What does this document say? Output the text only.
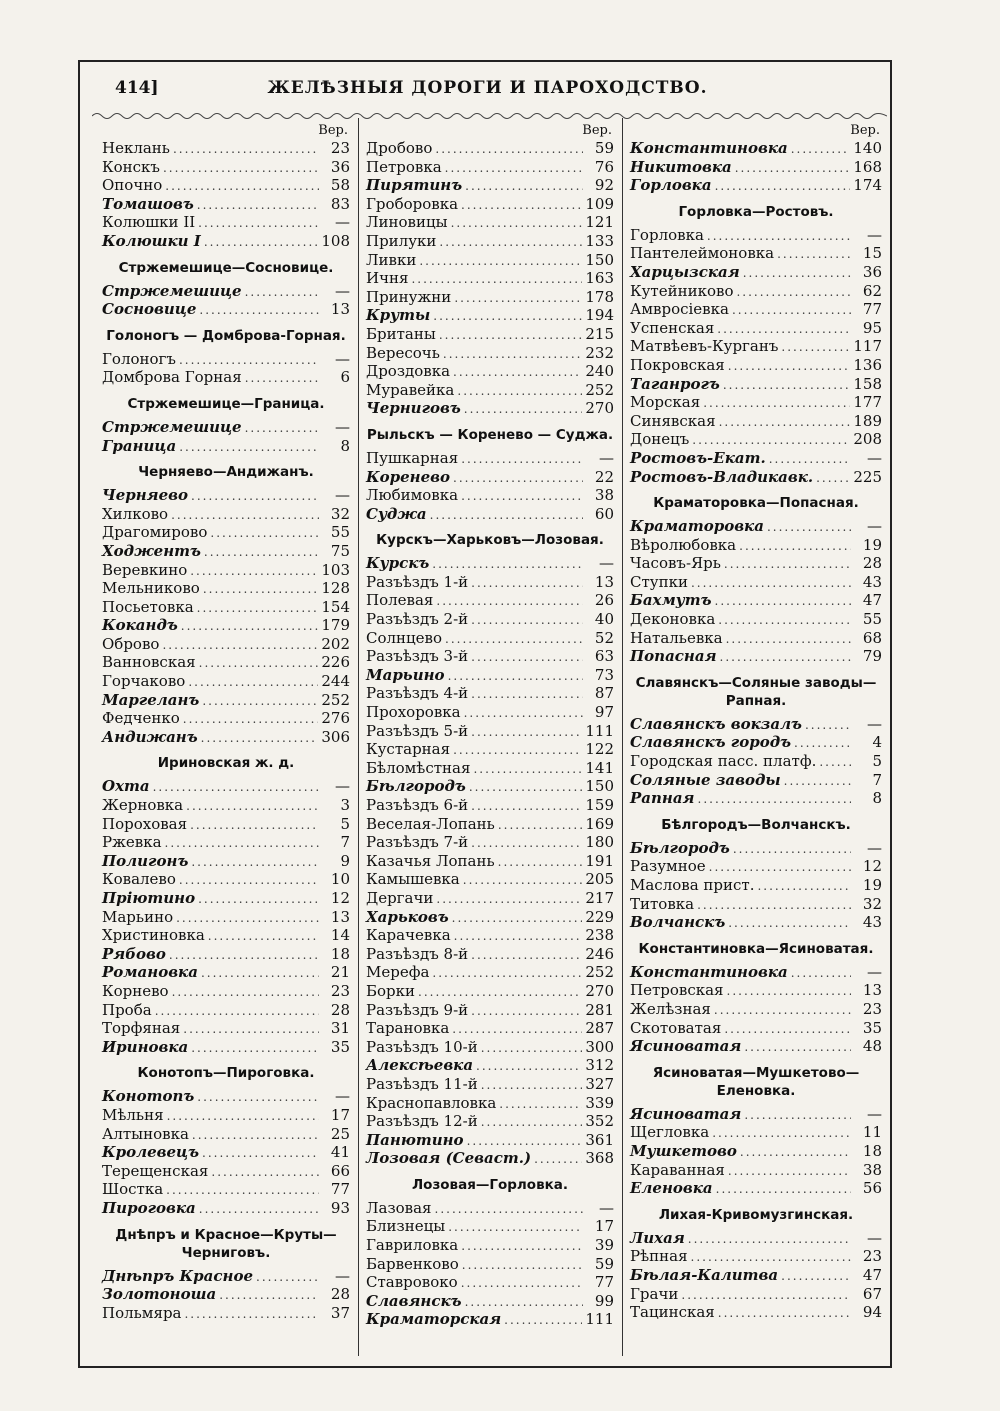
414]	ЖЕЛѢЗНЫЯ ДОРОГИ И ПАРОХОДСТВО.
Вер.
Неклань .....	23
Конскъ .....	36
Опочно .....	58
Томашовъ .....	83
Колюшки II .....	—
Колюшки I .....	108
Стржемешице—Сосновице.
Стржемешице .....	—
Сосновице .....	13
Голоногъ — Домброва-Горная.
Голоногъ .....	—
Домброва Горная .....	6
Стржемешице—Граница.
Стржемешице .....	—
Граница .....	8
Черняево—Андижанъ.
Черняево .....	—
Хилково .....	32
Драгомирово .....	55
Ходжентъ .....	75
Веревкино .....	103
Мельниково .....	128
Посьетовка .....	154
Кокандъ .....	179
Оброво .....	202
Ванновская .....	226
Горчаково .....	244
Маргеланъ .....	252
Федченко .....	276
Андижанъ .....	306
Ириновская ж. д.
Охта .....	—
Жерновка .....	3
Пороховая .....	5
Ржевка .....	7
Полигонъ .....	9
Ковалево .....	10
Пріютино .....	12
Марьино .....	13
Христиновка .....	14
Рябово .....	18
Романовка .....	21
Корнево .....	23
Проба .....	28
Торфяная .....	31
Ириновка .....	35
Конотопъ—Пироговка.
Конотопъ .....	—
Мѣльня .....	17
Алтыновка .....	25
Кролевецъ .....	41
Терещенская .....	66
Шостка .....	77
Пироговка .....	93
Днѣпръ и Красное—Круты—Черниговъ.
Днѣпръ Красное .....	—
Золотоноша .....	28
Польмяра .....	37
Вер.
Дробово .....	59
Петровка .....	76
Пирятинъ .....	92
Гроборовка .....	109
Линовицы .....	121
Прилуки .....	133
Ливки .....	150
Ичня .....	163
Принужни .....	178
Круты .....	194
Британы .....	215
Вересочь .....	232
Дроздовка .....	240
Муравейка .....	252
Черниговъ .....	270
Рыльскъ — Коренево — Суджа.
Пушкарная .....	—
Коренево .....	22
Любимовка .....	38
Суджа .....	60
Курскъ—Харьковъ—Лозовая.
Курскъ .....	—
Разъѣздъ 1-й .....	13
Полевая .....	26
Разъѣздъ 2-й .....	40
Солнцево .....	52
Разъѣздъ 3-й .....	63
Марьино .....	73
Разъѣздъ 4-й .....	87
Прохоровка .....	97
Разъѣздъ 5-й .....	111
Кустарная .....	122
Бѣломѣстная .....	141
Бѣлгородъ .....	150
Разъѣздъ 6-й .....	159
Веселая-Лопань .....	169
Разъѣздъ 7-й .....	180
Казачья Лопань .....	191
Камышевка .....	205
Дергачи .....	217
Харьковъ .....	229
Карачевка .....	238
Разъѣздъ 8-й .....	246
Мерефа .....	252
Борки .....	270
Разъѣздъ 9-й .....	281
Тарановка .....	287
Разъѣздъ 10-й .....	300
Алексѣевка .....	312
Разъѣздъ 11-й .....	327
Краснопавловка .....	339
Разъѣздъ 12-й .....	352
Панютино .....	361
Лозовая (Севаст.) .....	368
Лозовая—Горловка.
Лазовая .....	—
Близнецы .....	17
Гавриловка .....	39
Барвенково .....	59
Ставровоко .....	77
Славянскъ .....	99
Краматорская .....	111
Вер.
Константиновка .....	140
Никитовка .....	168
Горловка .....	174
Горловка—Ростовъ.
Горловка .....	—
Пантелеймоновка .....	15
Харцызская .....	36
Кутейниково .....	62
Амвросіевка .....	77
Успенская .....	95
Матвѣевъ-Курганъ .....	117
Покровская .....	136
Таганрогъ .....	158
Морская .....	177
Синявская .....	189
Донецъ .....	208
Ростовъ-Екат. .....	—
Ростовъ-Владикавк. .....	225
Краматоровка—Попасная.
Краматоровка .....	—
Вѣролюбовка .....	19
Часовъ-Ярь .....	28
Ступки .....	43
Бахмутъ .....	47
Деконовка .....	55
Натальевка .....	68
Попасная .....	79
Славянскъ—Соляные заводы—Рапная.
Славянскъ вокзалъ .....	—
Славянскъ городъ .....	4
Городская пасс. платф. .....	5
Соляные заводы .....	7
Рапная .....	8
Бѣлгородъ—Волчанскъ.
Бѣлгородъ .....	—
Разумное .....	12
Маслова прист. .....	19
Титовка .....	32
Волчанскъ .....	43
Константиновка—Ясиноватая.
Константиновка .....	—
Петровская .....	13
Желѣзная .....	23
Скотоватая .....	35
Ясиноватая .....	48
Ясиноватая—Мушкетово—Еленовка.
Ясиноватая .....	—
Щегловка .....	11
Мушкетово .....	18
Караванная .....	38
Еленовка .....	56
Лихая-Кривомузгинская.
Лихая .....	—
Рѣпная .....	23
Бѣлая-Калитва .....	47
Грачи .....	67
Тацинская .....	94
